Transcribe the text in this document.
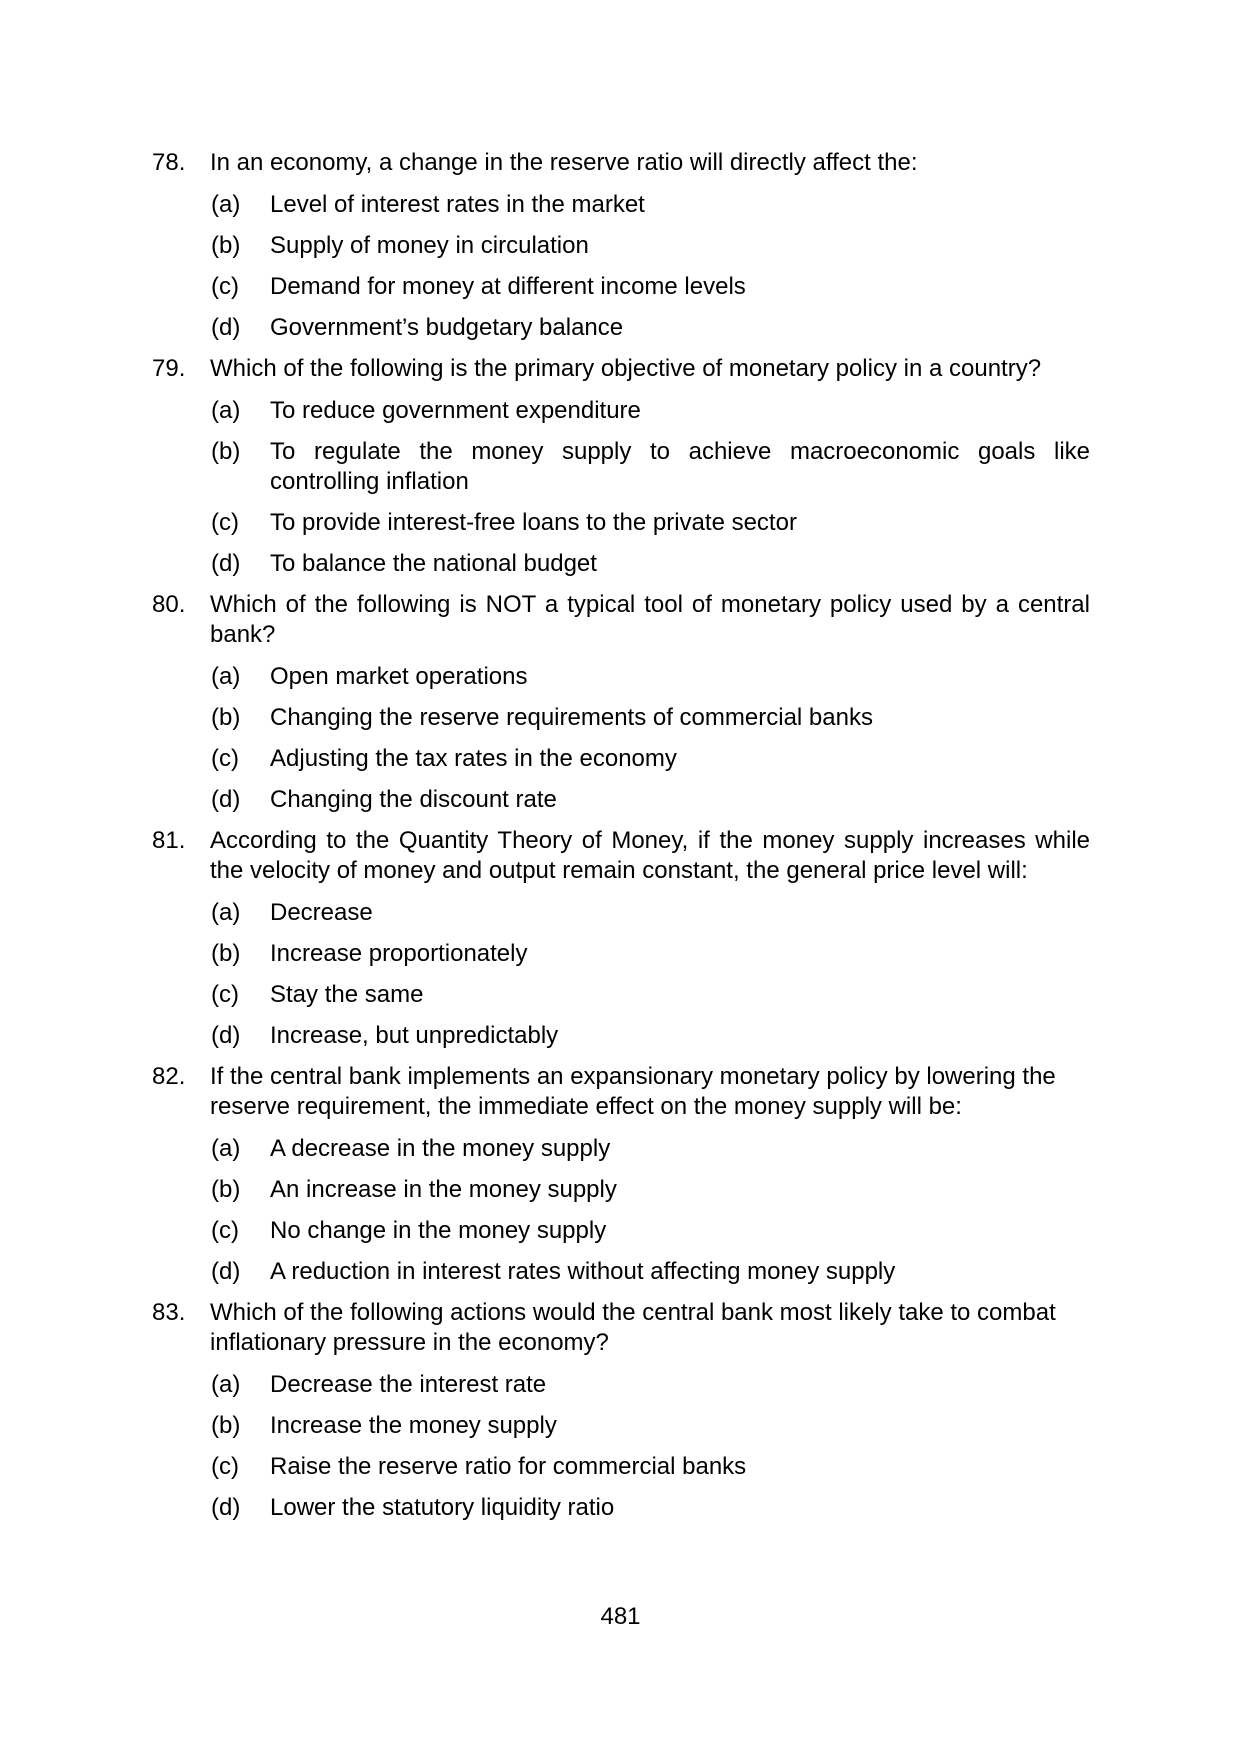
78.	In an economy, a change in the reserve ratio will directly affect the:
(a)	Level of interest rates in the market
(b)	Supply of money in circulation
(c)	Demand for money at different income levels
(d)	Government’s budgetary balance
79.	Which of the following is the primary objective of monetary policy in a country?
(a)	To reduce government expenditure
(b)	To regulate the money supply to achieve macroeconomic goals like controlling inflation
(c)	To provide interest-free loans to the private sector
(d)	To balance the national budget
80.	Which of the following is NOT a typical tool of monetary policy used by a central bank?
(a)	Open market operations
(b)	Changing the reserve requirements of commercial banks
(c)	Adjusting the tax rates in the economy
(d)	Changing the discount rate
81.	According to the Quantity Theory of Money, if the money supply increases while the velocity of money and output remain constant, the general price level will:
(a)	Decrease
(b)	Increase proportionately
(c)	Stay the same
(d)	Increase, but unpredictably
82.	If the central bank implements an expansionary monetary policy by lowering the reserve requirement, the immediate effect on the money supply will be:
(a)	A decrease in the money supply
(b)	An increase in the money supply
(c)	No change in the money supply
(d)	A reduction in interest rates without affecting money supply
83.	Which of the following actions would the central bank most likely take to combat inflationary pressure in the economy?
(a)	Decrease the interest rate
(b)	Increase the money supply
(c)	Raise the reserve ratio for commercial banks
(d)	Lower the statutory liquidity ratio
481
